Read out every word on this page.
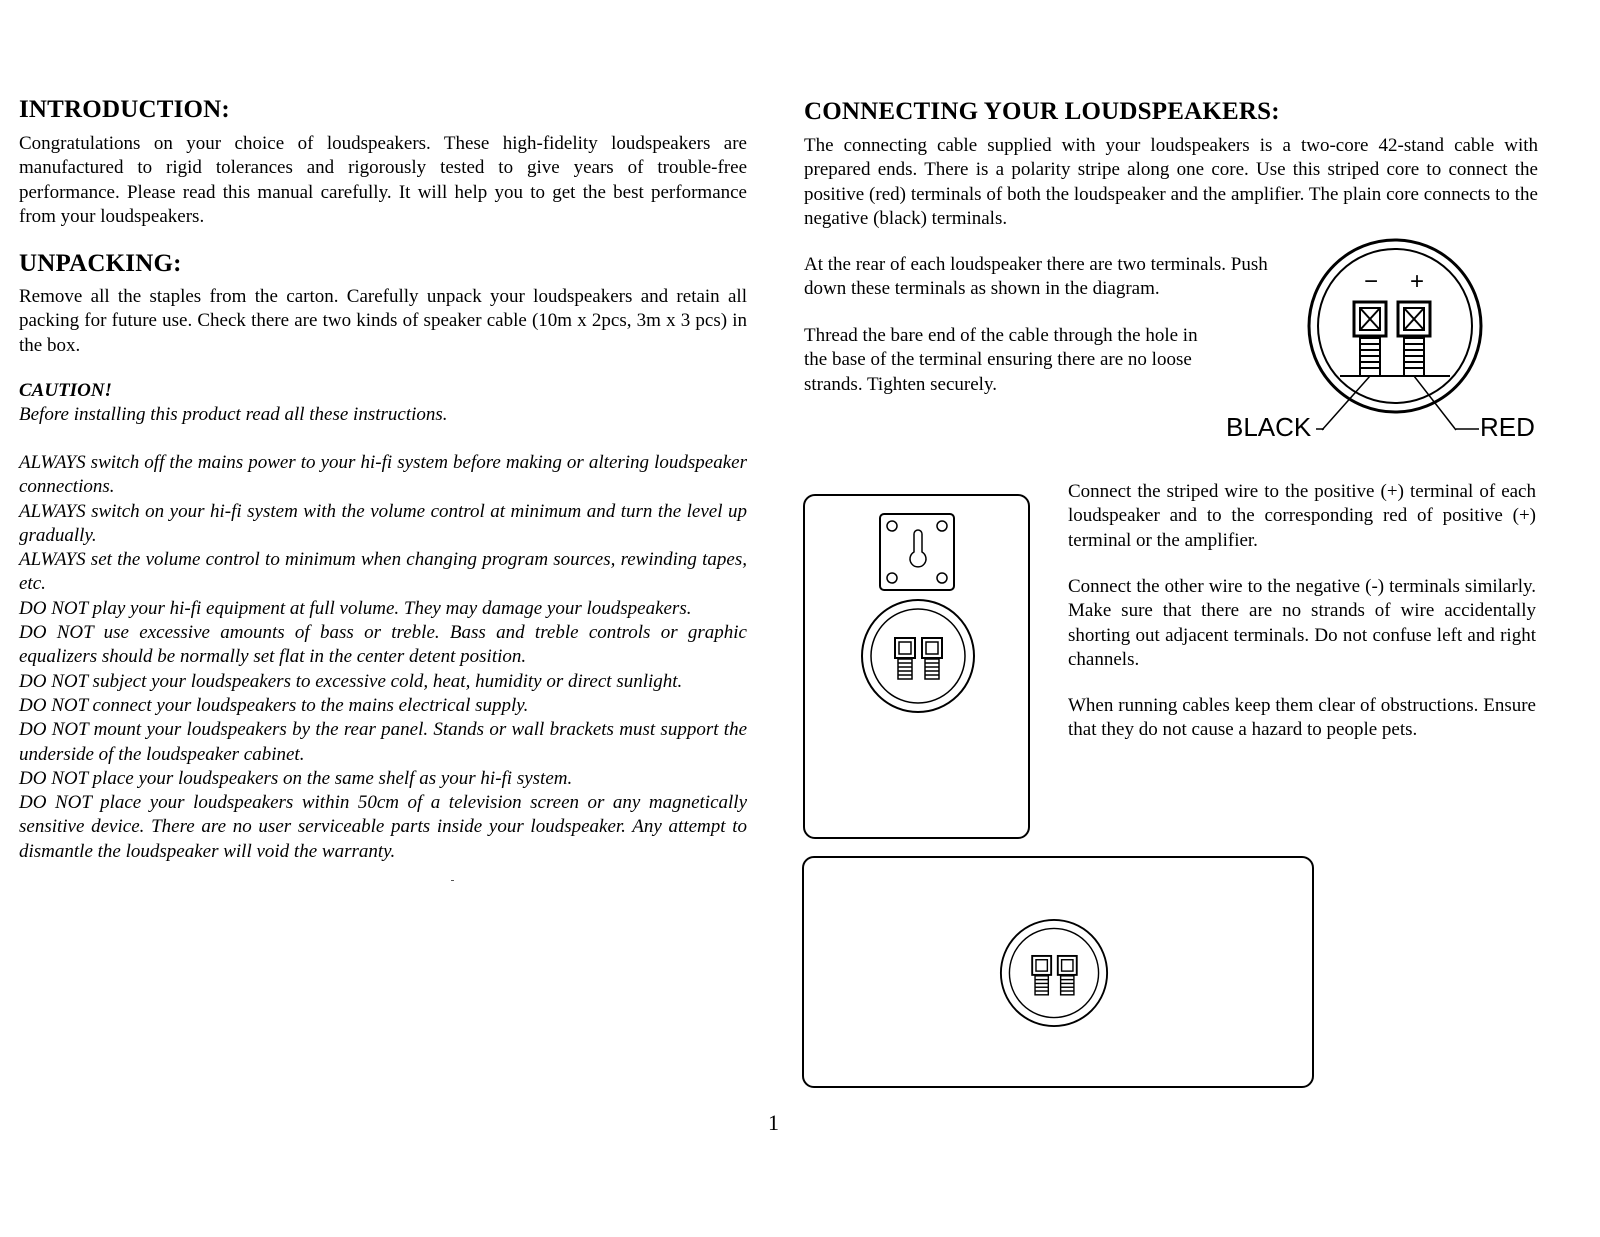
INTRODUCTION:

Congratulations on your choice of loudspeakers. These high-fidelity loudspeakers are manufactured to rigid tolerances and rigorously tested to give years of trouble-free performance. Please read this manual carefully. It will help you to get the best performance from your loudspeakers.

UNPACKING:

Remove all the staples from the carton. Carefully unpack your loudspeakers and retain all packing for future use. Check there are two kinds of speaker cable (10m x 2pcs, 3m x 3 pcs) in the box.

CAUTION!

Before installing this product read all these instructions.

ALWAYS switch off the mains power to your hi-fi system before making or altering loudspeaker connections.
ALWAYS switch on your hi-fi system with the volume control at minimum and turn the level up gradually.
ALWAYS set the volume control to minimum when changing program sources, rewinding tapes, etc.
DO NOT play your hi-fi equipment at full volume. They may damage your loudspeakers.
DO NOT use excessive amounts of bass or treble. Bass and treble controls or graphic equalizers should be normally set flat in the center detent position.
DO NOT subject your loudspeakers to excessive cold, heat, humidity or direct sunlight.
DO NOT connect your loudspeakers to the mains electrical supply.
DO NOT mount your loudspeakers by the rear panel. Stands or wall brackets must support the underside of the loudspeaker cabinet.
DO NOT place your loudspeakers on the same shelf as your hi-fi system.
DO NOT place your loudspeakers within 50cm of a television screen or any magnetically sensitive device. There are no user serviceable parts inside your loudspeaker. Any attempt to dismantle the loudspeaker will void the warranty.
CONNECTING YOUR LOUDSPEAKERS:

The connecting cable supplied with your loudspeakers is a two-core 42-stand cable with prepared ends. There is a polarity stripe along one core. Use this striped core to connect the positive (red) terminals of both the loudspeaker and the amplifier. The plain core connects to the negative (black) terminals.

At the rear of each loudspeaker there are two terminals. Push down these terminals as shown in the diagram.

Thread the bare end of the cable through the hole in the base of the terminal ensuring there are no loose strands. Tighten securely.

− +
BLACK	RED

Connect the striped wire to the positive (+) terminal of each loudspeaker and to the corresponding red of positive (+) terminal or the amplifier.

Connect the other wire to the negative (-) terminals similarly. Make sure that there are no strands of wire accidentally shorting out adjacent terminals. Do not confuse left and right channels.

When running cables keep them clear of obstructions. Ensure that they do not cause a hazard to people pets.

1
